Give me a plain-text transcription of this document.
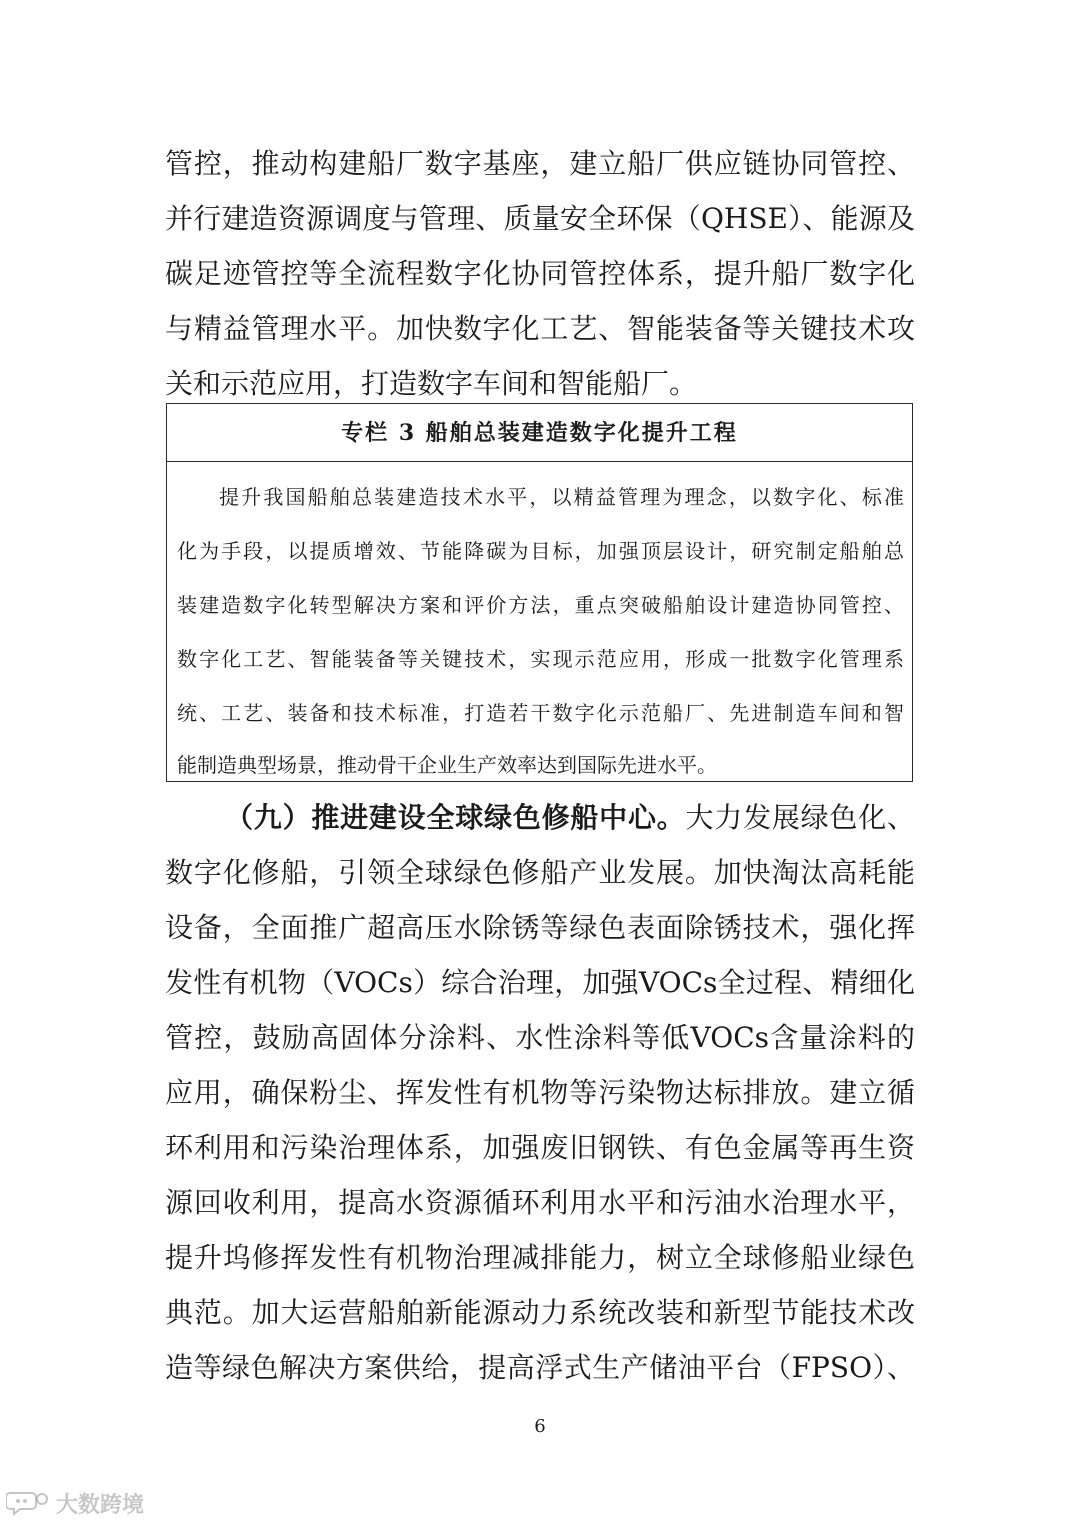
管控，推动构建船厂数字基座，建立船厂供应链协同管控、
并行建造资源调度与管理、质量安全环保（QHSE）、能源及
碳足迹管控等全流程数字化协同管控体系，提升船厂数字化
与精益管理水平。加快数字化工艺、智能装备等关键技术攻
关和示范应用，打造数字车间和智能船厂。
专栏 3 船舶总装建造数字化提升工程
提升我国船舶总装建造技术水平，以精益管理为理念，以数字化、标准
化为手段，以提质增效、节能降碳为目标，加强顶层设计，研究制定船舶总
装建造数字化转型解决方案和评价方法，重点突破船舶设计建造协同管控、
数字化工艺、智能装备等关键技术，实现示范应用，形成一批数字化管理系
统、工艺、装备和技术标准，打造若干数字化示范船厂、先进制造车间和智
能制造典型场景，推动骨干企业生产效率达到国际先进水平。
（九）推进建设全球绿色修船中心。大力发展绿色化、
数字化修船，引领全球绿色修船产业发展。加快淘汰高耗能
设备，全面推广超高压水除锈等绿色表面除锈技术，强化挥
发性有机物（VOCs）综合治理，加强VOCs全过程、精细化
管控，鼓励高固体分涂料、水性涂料等低VOCs含量涂料的
应用，确保粉尘、挥发性有机物等污染物达标排放。建立循
环利用和污染治理体系，加强废旧钢铁、有色金属等再生资
源回收利用，提高水资源循环利用水平和污油水治理水平，
提升坞修挥发性有机物治理减排能力，树立全球修船业绿色
典范。加大运营船舶新能源动力系统改装和新型节能技术改
造等绿色解决方案供给，提高浮式生产储油平台（FPSO）、
6
大数跨境
